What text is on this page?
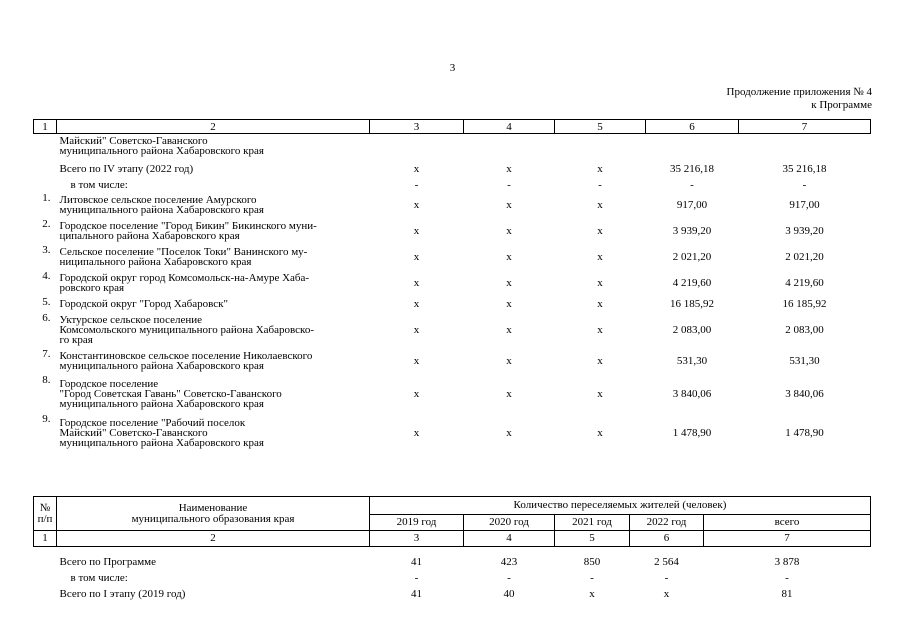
3
Продолжение приложения № 4
к Программе
1	2	3	4	5	6	7
	Майский" Советско-Гаванского
муниципального района Хабаровского края					
	Всего по IV этапу (2022 год)	х	х	х	35 216,18	35 216,18
	в том числе:	-	-	-	-	-
1.	Литовское сельское поселение Амурского
муниципального района Хабаровского края	х	х	х	917,00	917,00
2.	Городское поселение "Город Бикин" Бикинского муни-
ципального района Хабаровского края	х	х	х	3 939,20	3 939,20
3.	Сельское поселение "Поселок Токи" Ванинского му-
ниципального района Хабаровского края	х	х	х	2 021,20	2 021,20
4.	Городской округ город Комсомольск-на-Амуре Хаба-
ровского края	х	х	х	4 219,60	4 219,60
5.	Городской округ "Город Хабаровск"	х	х	х	16 185,92	16 185,92
6.	Уктурское сельское поселение
Комсомольского муниципального района Хабаровско-
го края	х	х	х	2 083,00	2 083,00
7.	Константиновское сельское поселение Николаевского
муниципального района Хабаровского края	х	х	х	531,30	531,30
8.	Городское поселение
"Город Советская Гавань" Советско-Гаванского
муниципального района Хабаровского края	х	х	х	3 840,06	3 840,06
9.	Городское поселение "Рабочий поселок
Майский" Советско-Гаванского
муниципального района Хабаровского края	х	х	х	1 478,90	1 478,90
№
п/п	Наименование
муниципального образования края	Количество переселяемых жителей (человек)				
		2019 год	2020 год	2021 год	2022 год	всего
1	2	3	4	5	6	7

	Всего по Программе	41	423	850	2 564	3 878
	в том числе:	-	-	-	-	-
	Всего по I этапу (2019 год)	41	40	х	х	81
